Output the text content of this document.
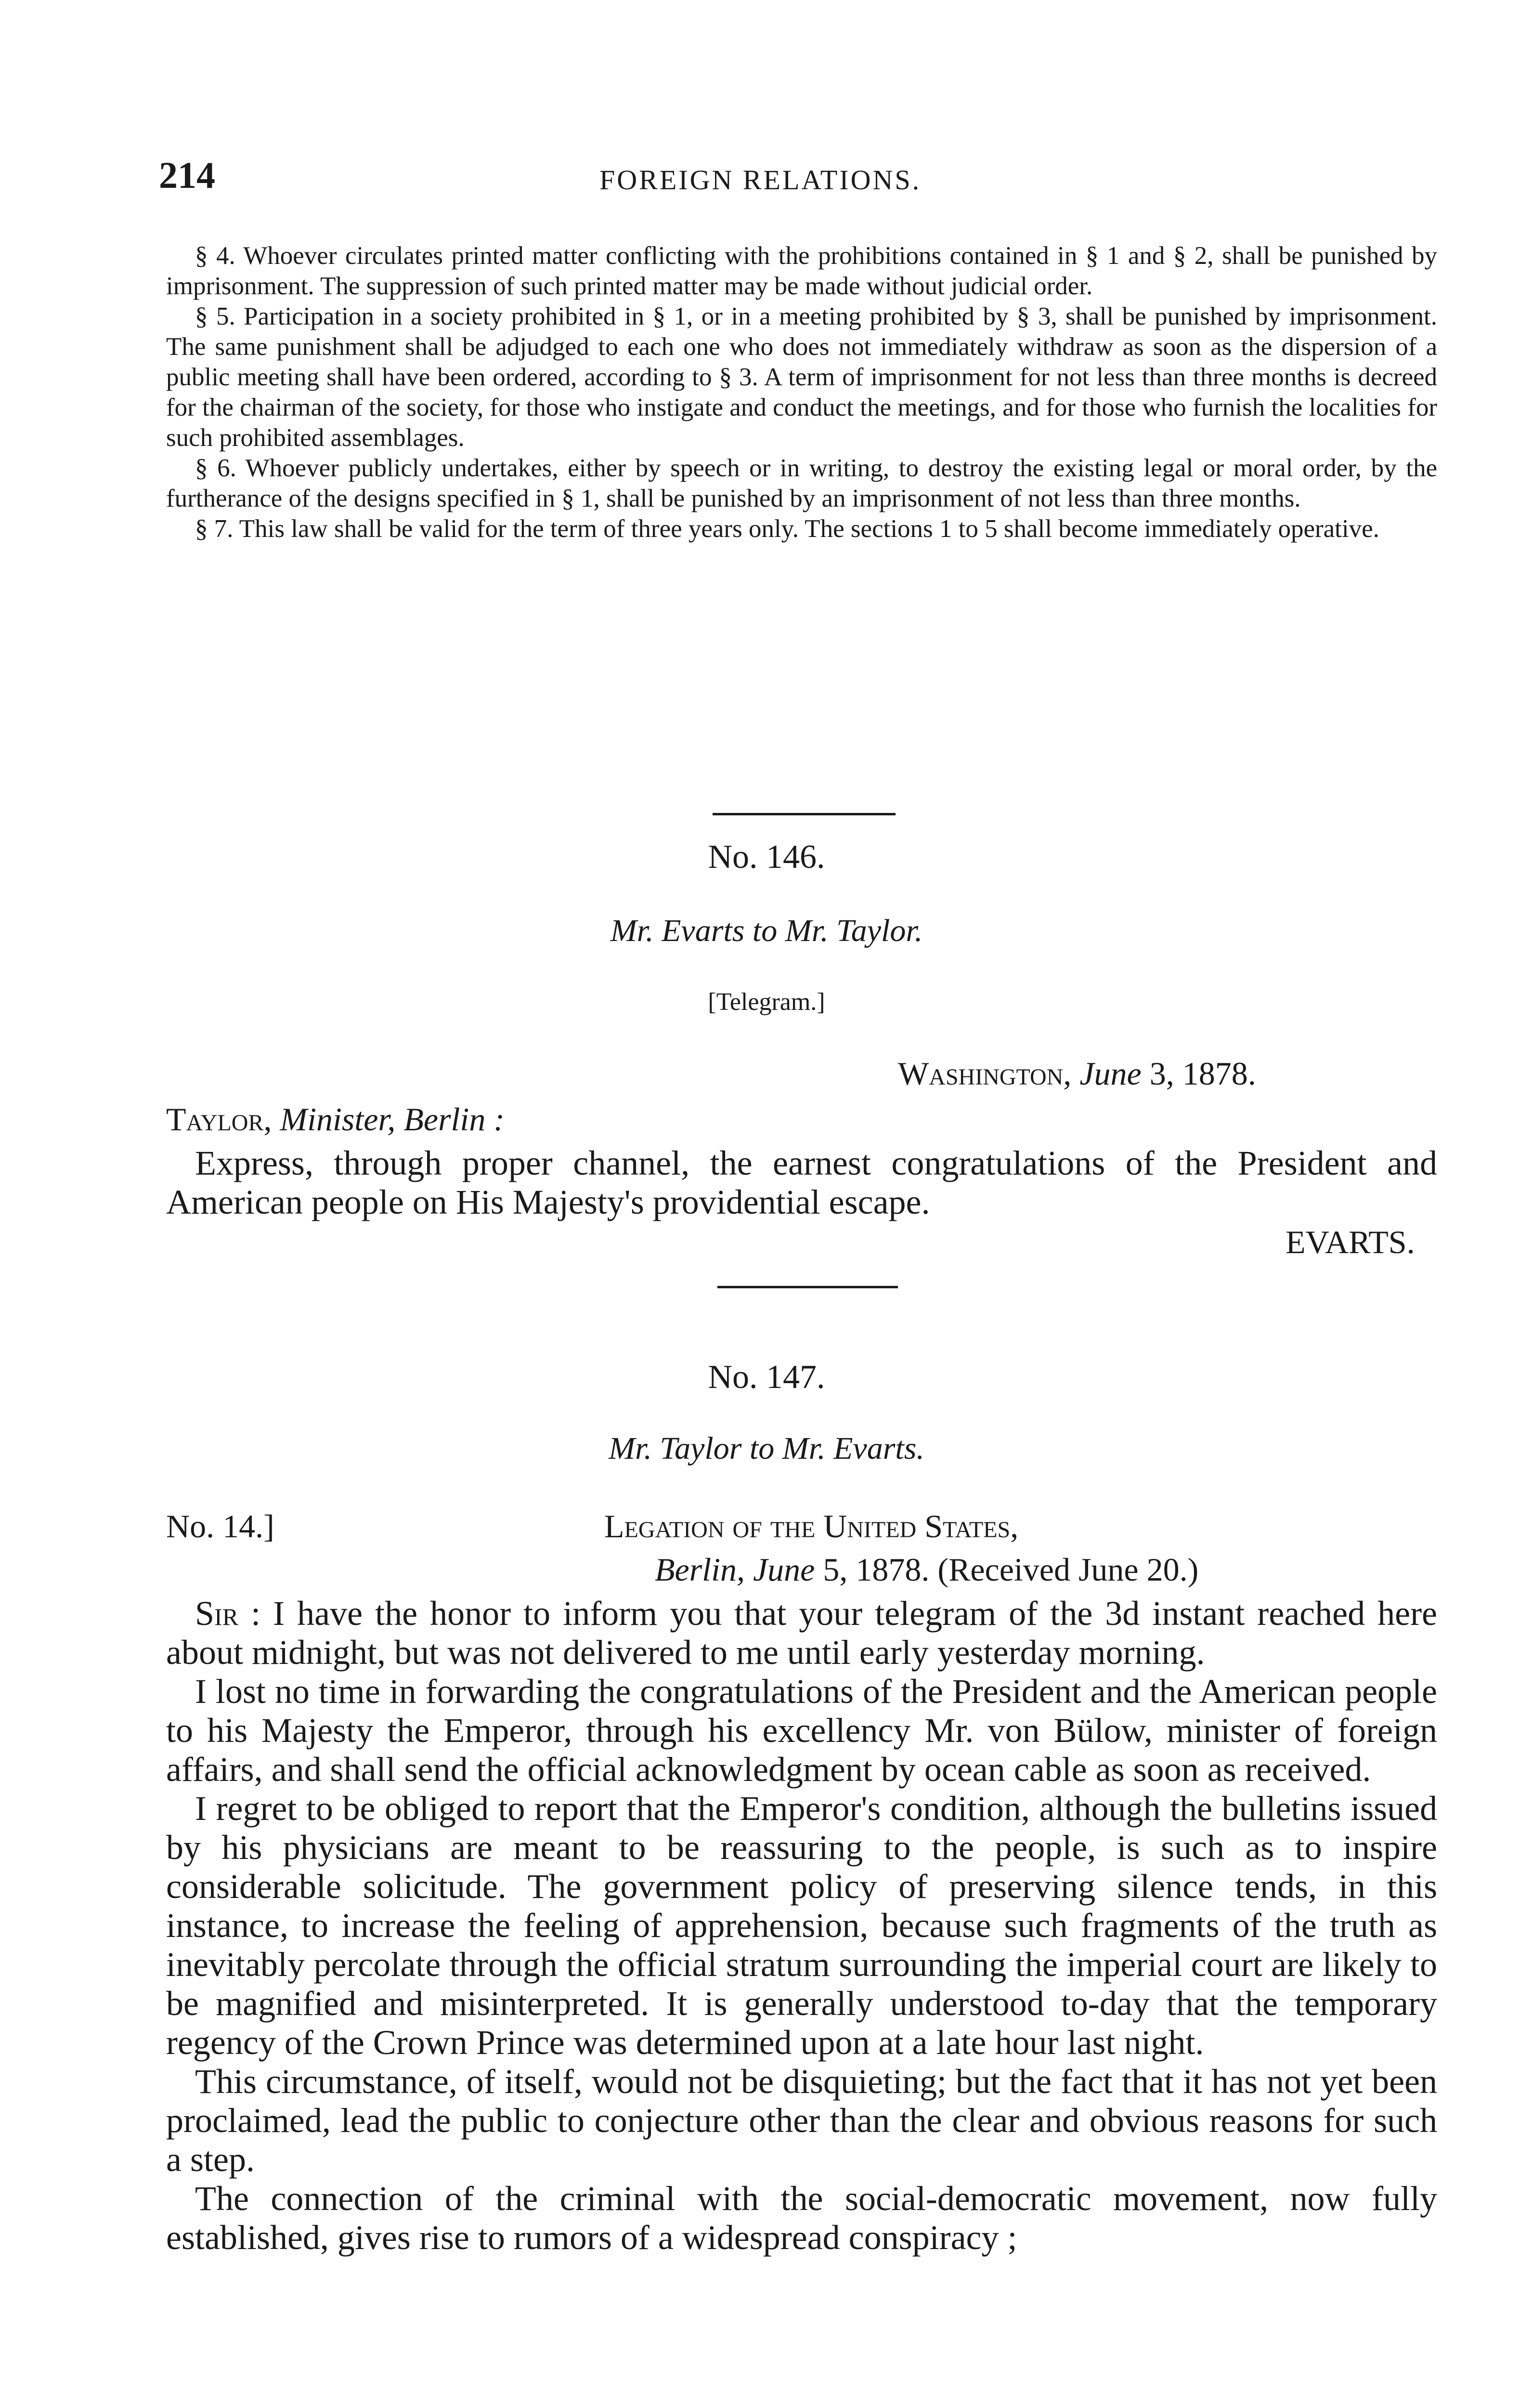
214	FOREIGN RELATIONS.

§ 4. Whoever circulates printed matter conflicting with the prohibitions contained in § 1 and § 2, shall be punished by imprisonment. The suppression of such printed matter may be made without judicial order.

§ 5. Participation in a society prohibited in § 1, or in a meeting prohibited by § 3, shall be punished by imprisonment. The same punishment shall be adjudged to each one who does not immediately withdraw as soon as the dispersion of a public meeting shall have been ordered, according to § 3. A term of imprisonment for not less than three months is decreed for the chairman of the society, for those who instigate and conduct the meetings, and for those who furnish the localities for such prohibited assemblages.

§ 6. Whoever publicly undertakes, either by speech or in writing, to destroy the existing legal or moral order, by the furtherance of the designs specified in § 1, shall be punished by an imprisonment of not less than three months.

§ 7. This law shall be valid for the term of three years only. The sections 1 to 5 shall become immediately operative.

No. 146.
Mr. Evarts to Mr. Taylor.
[Telegram.]
Washington, June 3, 1878.
Taylor, Minister, Berlin :

Express, through proper channel, the earnest congratulations of the President and American people on His Majesty's providential escape.

EVARTS.
No. 147.
Mr. Taylor to Mr. Evarts.
No. 14.]	Legation of the United States,
Berlin, June 5, 1878. (Received June 20.)

Sir : I have the honor to inform you that your telegram of the 3d instant reached here about midnight, but was not delivered to me until early yesterday morning.

I lost no time in forwarding the congratulations of the President and the American people to his Majesty the Emperor, through his excellency Mr. von Bülow, minister of foreign affairs, and shall send the official acknowledgment by ocean cable as soon as received.

I regret to be obliged to report that the Emperor's condition, although the bulletins issued by his physicians are meant to be reassuring to the people, is such as to inspire considerable solicitude. The government policy of preserving silence tends, in this instance, to increase the feeling of apprehension, because such fragments of the truth as inevitably percolate through the official stratum surrounding the imperial court are likely to be magnified and misinterpreted. It is generally understood to-day that the temporary regency of the Crown Prince was determined upon at a late hour last night.

This circumstance, of itself, would not be disquieting; but the fact that it has not yet been proclaimed, lead the public to conjecture other than the clear and obvious reasons for such a step.

The connection of the criminal with the social-democratic movement, now fully established, gives rise to rumors of a widespread conspiracy ;
